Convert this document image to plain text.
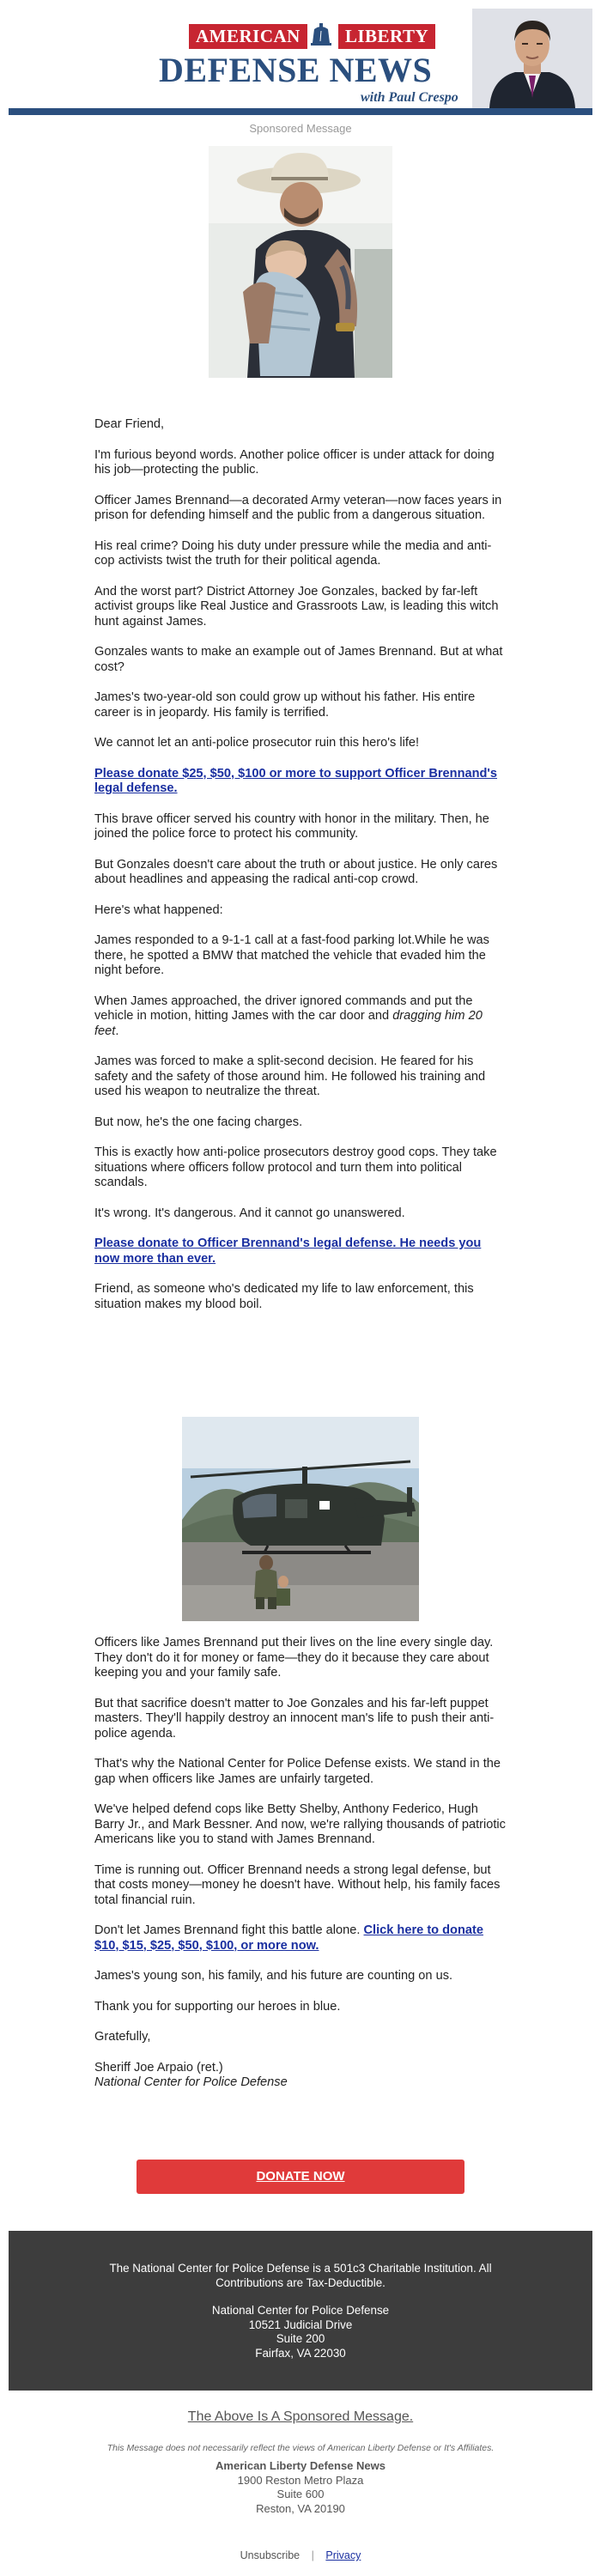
AMERICAN	LIBERTY
DEFENSE NEWS
with Paul Crespo
Sponsored Message

Dear Friend,

I'm furious beyond words. Another police officer is under attack for doing his job—protecting the public.

Officer James Brennand—a decorated Army veteran—now faces years in prison for defending himself and the public from a dangerous situation.

His real crime? Doing his duty under pressure while the media and anti-cop activists twist the truth for their political agenda.

And the worst part? District Attorney Joe Gonzales, backed by far-left activist groups like Real Justice and Grassroots Law, is leading this witch hunt against James.

Gonzales wants to make an example out of James Brennand. But at what cost?

James's two-year-old son could grow up without his father. His entire career is in jeopardy. His family is terrified.

We cannot let an anti-police prosecutor ruin this hero's life!

Please donate $25, $50, $100 or more to support Officer Brennand's legal defense.

This brave officer served his country with honor in the military. Then, he joined the police force to protect his community.

But Gonzales doesn't care about the truth or about justice. He only cares about headlines and appeasing the radical anti-cop crowd.

Here's what happened:

James responded to a 9-1-1 call at a fast-food parking lot.While he was there, he spotted a BMW that matched the vehicle that evaded him the night before.

When James approached, the driver ignored commands and put the vehicle in motion, hitting James with the car door and dragging him 20 feet.

James was forced to make a split-second decision. He feared for his safety and the safety of those around him. He followed his training and used his weapon to neutralize the threat.

But now, he's the one facing charges.

This is exactly how anti-police prosecutors destroy good cops. They take situations where officers follow protocol and turn them into political scandals.

It's wrong. It's dangerous. And it cannot go unanswered.

Please donate to Officer Brennand's legal defense. He needs you now more than ever.

Friend, as someone who's dedicated my life to law enforcement, this situation makes my blood boil.

Officers like James Brennand put their lives on the line every single day. They don't do it for money or fame—they do it because they care about keeping you and your family safe.

But that sacrifice doesn't matter to Joe Gonzales and his far-left puppet masters. They'll happily destroy an innocent man's life to push their anti-police agenda.

That's why the National Center for Police Defense exists. We stand in the gap when officers like James are unfairly targeted.

We've helped defend cops like Betty Shelby, Anthony Federico, Hugh Barry Jr., and Mark Bessner. And now, we're rallying thousands of patriotic Americans like you to stand with James Brennand.

Time is running out. Officer Brennand needs a strong legal defense, but that costs money—money he doesn't have. Without help, his family faces total financial ruin.

Don't let James Brennand fight this battle alone. Click here to donate $10, $15, $25, $50, $100, or more now.

James's young son, his family, and his future are counting on us.

Thank you for supporting our heroes in blue.

Gratefully,

Sheriff Joe Arpaio (ret.)

National Center for Police Defense

DONATE NOW
The National Center for Police Defense is a 501c3 Charitable Institution. All
Contributions are Tax-Deductible.
National Center for Police Defense
10521 Judicial Drive
Suite 200
Fairfax, VA 22030
The Above Is A Sponsored Message.
This Message does not necessarily reflect the views of American Liberty Defense or It's Affiliates.
American Liberty Defense News
1900 Reston Metro Plaza
Suite 600
Reston, VA 20190
Unsubscribe | Privacy
